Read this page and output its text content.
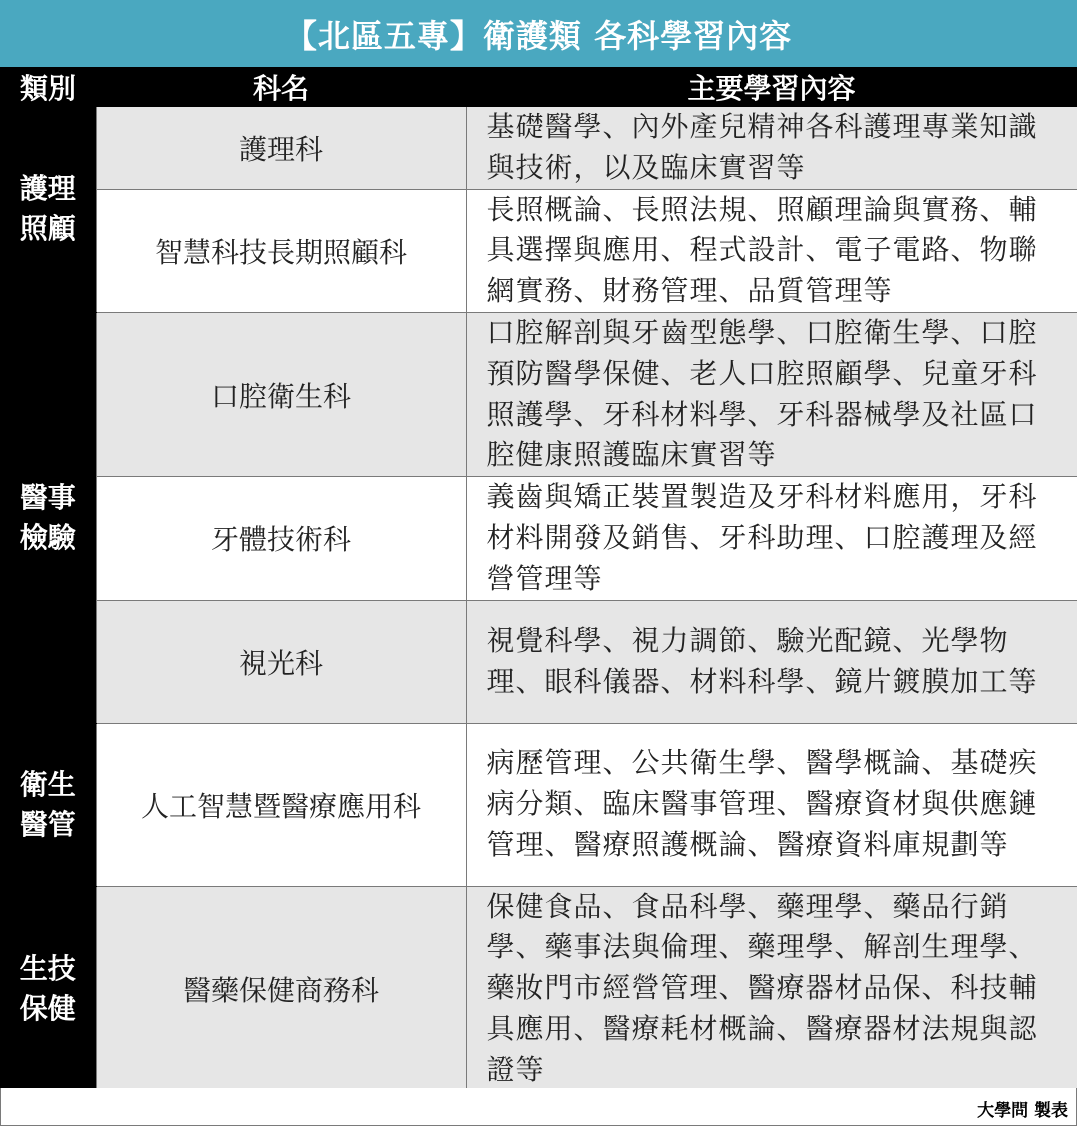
【北區五專】衛護類 各科學習內容
類別	科名	主要學習內容
護理照顧	護理科	基礎醫學、內外產兒精神各科護理專業知識與技術，以及臨床實習等
	智慧科技長期照顧科	長照概論、長照法規、照顧理論與實務、輔具選擇與應用、程式設計、電子電路、物聯網實務、財務管理、品質管理等
醫事檢驗	口腔衛生科	口腔解剖與牙齒型態學、口腔衛生學、口腔預防醫學保健、老人口腔照顧學、兒童牙科照護學、牙科材料學、牙科器械學及社區口腔健康照護臨床實習等
	牙體技術科	義齒與矯正裝置製造及牙科材料應用，牙科材料開發及銷售、牙科助理、口腔護理及經營管理等
	視光科	視覺科學、視力調節、驗光配鏡、光學物理、眼科儀器、材料科學、鏡片鍍膜加工等
衛生醫管	人工智慧暨醫療應用科	病歷管理、公共衛生學、醫學概論、基礎疾病分類、臨床醫事管理、醫療資材與供應鏈管理、醫療照護概論、醫療資料庫規劃等
生技保健	醫藥保健商務科	保健食品、食品科學、藥理學、藥品行銷學、藥事法與倫理、藥理學、解剖生理學、藥妝門市經營管理、醫療器材品保、科技輔具應用、醫療耗材概論、醫療器材法規與認證等
大學問 製表
